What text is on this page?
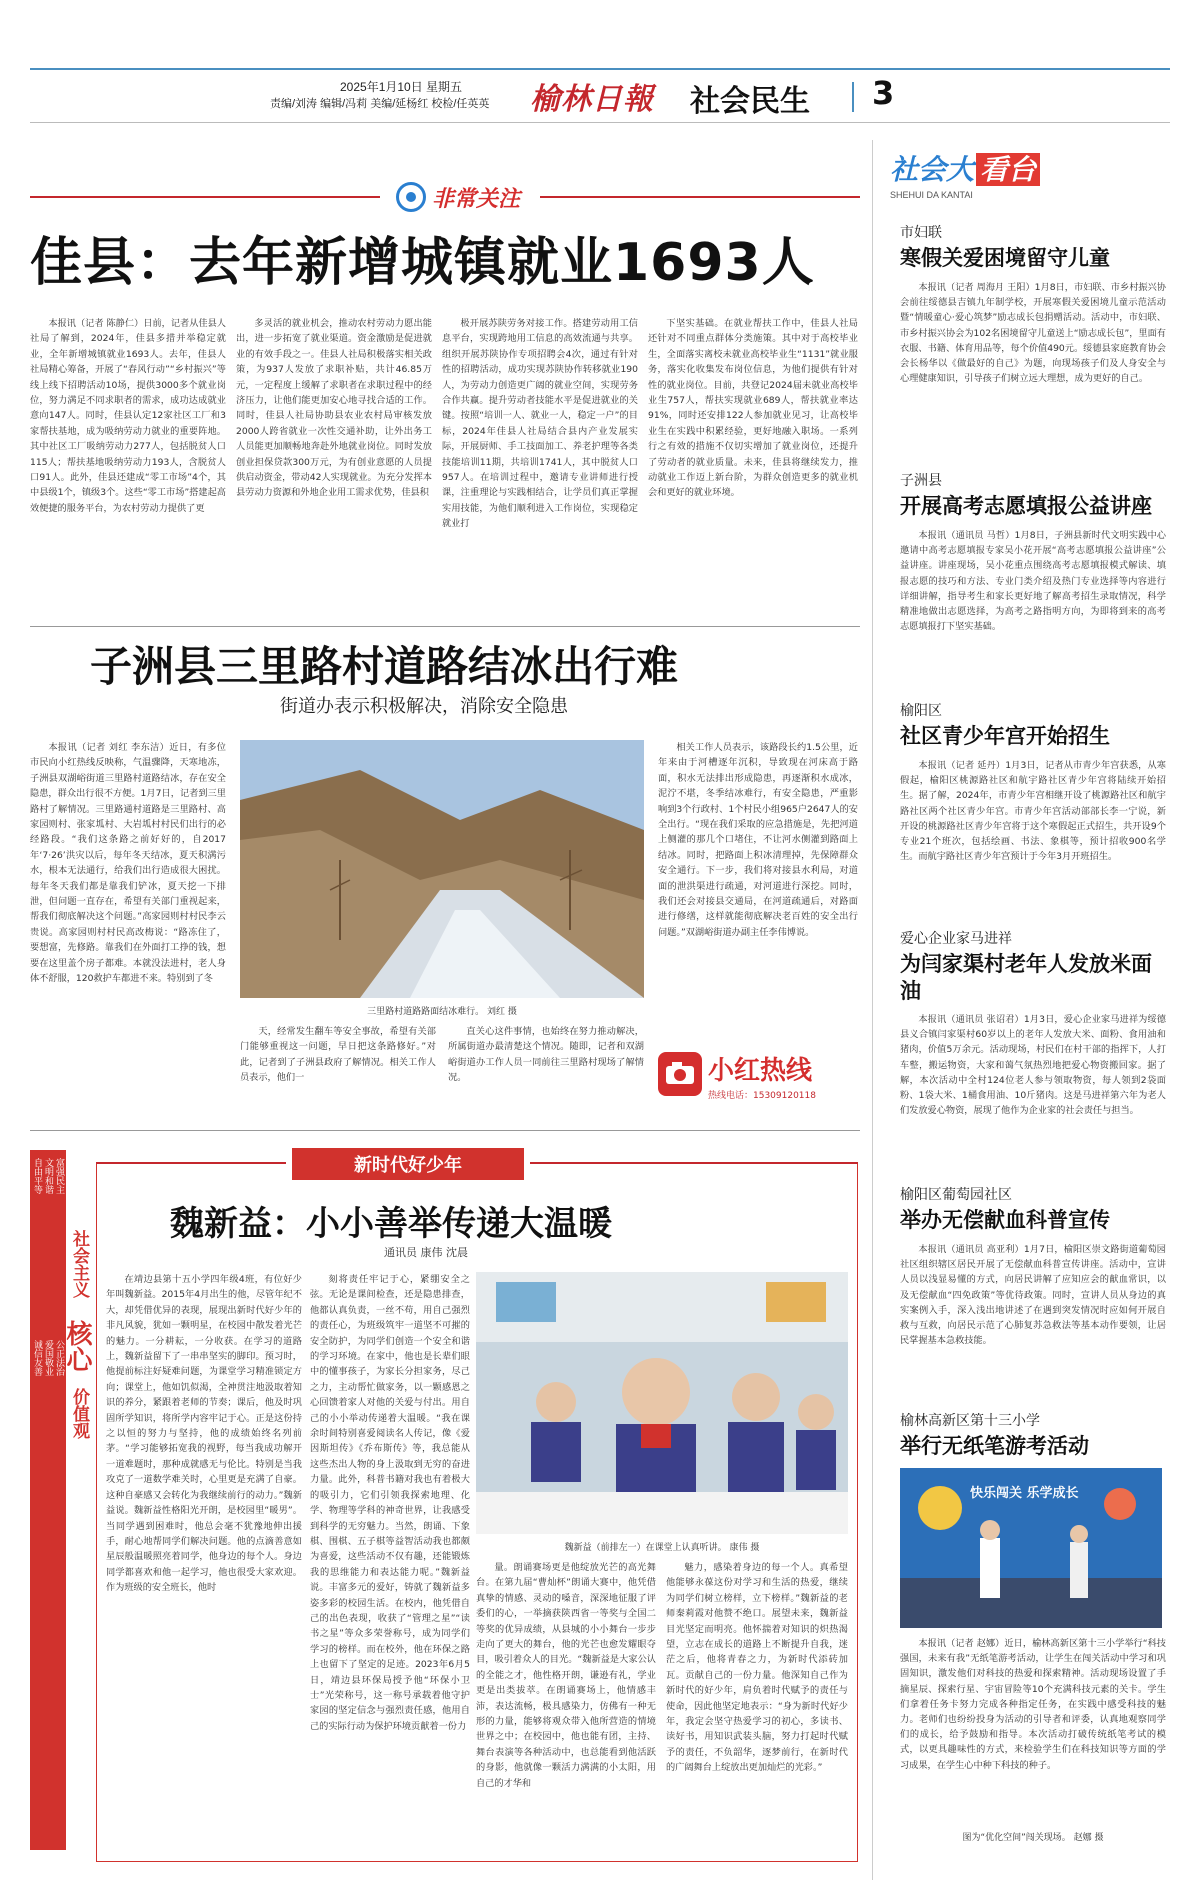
2025年1月10日 星期五
责编/刘涛 编辑/冯莉 美编/延杨红 校检/任英英 榆林日報 社会民生 3
非常关注
佳县：去年新增城镇就业1693人

本报讯（记者 陈静仁）日前，记者从佳县人社局了解到，2024年，佳县多措并举稳定就业，全年新增城镇就业1693人。去年，佳县人社局精心筹备，开展了“春风行动”“乡村振兴”等线上线下招聘活动10场，提供3000多个就业岗位，努力满足不同求职者的需求，成功达成就业意向147人。同时，佳县认定12家社区工厂和3家帮扶基地，成为吸纳劳动力就业的重要阵地。其中社区工厂吸纳劳动力277人，包括脱贫人口115人；帮扶基地吸纳劳动力193人，含脱贫人口91人。此外，佳县还建成“零工市场”4个，其中县级1个，镇级3个。这些“零工市场”搭建起高效便捷的服务平台，为农村劳动力提供了更

多灵活的就业机会，推动农村劳动力愿出能出，进一步拓宽了就业渠道。资金激励是促进就业的有效手段之一。佳县人社局积极落实相关政策，为937人发放了求职补贴，共计46.85万元，一定程度上缓解了求职者在求职过程中的经济压力，让他们能更加安心地寻找合适的工作。同时，佳县人社局协助县农业农村局审核发放2000人跨省就业一次性交通补助，让外出务工人员能更加顺畅地奔赴外地就业岗位。同时发放创业担保贷款300万元，为有创业意愿的人员提供启动资金，带动42人实现就业。为充分发挥本县劳动力资源和外地企业用工需求优势，佳县积

极开展苏陕劳务对接工作。搭建劳动用工信息平台，实现跨地用工信息的高效流通与共享。组织开展苏陕协作专项招聘会4次，通过有针对性的招聘活动，成功实现苏陕协作转移就业190人，为劳动力创造更广阔的就业空间，实现劳务合作共赢。提升劳动者技能水平是促进就业的关键。按照“培训一人、就业一人，稳定一户”的目标，2024年佳县人社局结合县内产业发展实际，开展厨师、手工技面加工、养老护理等各类技能培训11期，共培训1741人，其中脱贫人口957人。在培训过程中，邀请专业讲师进行授课，注重理论与实践相结合，让学员们真正掌握实用技能，为他们顺利进入工作岗位，实现稳定就业打

下坚实基础。在就业帮扶工作中，佳县人社局还针对不同重点群体分类施策。其中对于高校毕业生，全面落实离校未就业高校毕业生“1131”就业服务，落实化收集发布岗位信息，为他们提供有针对性的就业岗位。目前，共登记2024届未就业高校毕业生757人，帮扶实现就业689人，帮扶就业率达91%，同时还安排122人参加就业见习，让高校毕业生在实践中积累经验，更好地融入职场。一系列行之有效的措施不仅切实增加了就业岗位，还提升了劳动者的就业质量。未来，佳县将继续发力，推动就业工作迈上新台阶，为群众创造更多的就业机会和更好的就业环境。

子洲县三里路村道路结冰出行难
街道办表示积极解决，消除安全隐患

本报讯（记者 刘红 李东洁）近日，有多位市民向小红热线反映称，气温骤降，天寒地冻，子洲县双湖峪街道三里路村道路结冰，存在安全隐患，群众出行很不方便。1月7日，记者到三里路村了解情况。三里路通村道路是三里路村、高家园则村、张家坬村、大岩坬村村民们出行的必经路段。“我们这条路之前好好的，自2017年‘7·26’洪灾以后，每年冬天结冰，夏天积满污水，根本无法通行，给我们出行造成很大困扰。每年冬天我们都是靠我们铲冰，夏天挖一下排泄，但问题一直存在，希望有关部门重视起来，帮我们彻底解决这个问题。”高家园则村村民李云贵说。高家园则村村民高改梅说：“路冻住了，要想富，先修路。靠我们在外面打工挣的钱，想要在这里盖个房子都难。本就没法进村，老人身体不舒服，120救护车都进不来。特别到了冬

三里路村道路路面结冰难行。 刘红 摄

天，经常发生翻车等安全事故，希望有关部门能够重视这一问题，早日把这条路修好。”对此，记者到了子洲县政府了解情况。相关工作人员表示，他们一

直关心这件事情，也始终在努力推动解决，所属街道办最清楚这个情况。随即，记者和双湖峪街道办工作人员一同前往三里路村现场了解情况。

相关工作人员表示，该路段长约1.5公里，近年来由于河槽逐年沉积，导致现在河床高于路面，积水无法排出形成隐患，再逐渐积水成冰，泥泞不堪，冬季结冰难行，有安全隐患，严重影响到3个行政村、1个村民小组965户2647人的安全出行。“现在我们采取的应急措施是，先把河道上侧灌的那几个口堵住，不让河水侧灌到路面上结冰。同时，把路面上积冰清理掉，先保障群众安全通行。下一步，我们将对接县水利局，对道面的泄洪渠进行疏通，对河道进行深挖。同时，我们还会对接县交通局，在河道疏通后，对路面进行修缮，这样就能彻底解决老百姓的安全出行问题。”双湖峪街道办副主任李伟博说。

小红热线
热线电话：15309120118
富强民主
文明和谐
自由平等
公正法治
爱国敬业
诚信友善
社会主义
核心
价值观
新时代好少年
魏新益：小小善举传递大温暖
通讯员 康伟 沈晨

在靖边县第十五小学四年级4班，有位好少年叫魏新益。2015年4月出生的他，尽管年纪不大，却凭借优异的表现，展现出新时代好少年的非凡风貌，犹如一颗明星，在校园中散发着光芒的魅力。一分耕耘，一分收获。在学习的道路上，魏新益留下了一串串坚实的脚印。预习时，他提前标注好疑难问题，为课堂学习精准锁定方向；课堂上，他如饥似渴，全神贯注地汲取着知识的养分，紧跟着老师的节奏；课后，他及时巩固所学知识，将所学内容牢记于心。正是这份持之以恒的努力与坚持，他的成绩始终名列前茅。“学习能够拓宽我的视野，每当我成功解开一道难题时，那种成就感无与伦比。特别是当我攻克了一道数学难关时，心里更是充满了自豪。这种自豪感又会转化为我继续前行的动力。”魏新益说。魏新益性格阳光开朗，是校园里“暖男”。当同学遇到困难时，他总会毫不犹豫地伸出援手，耐心地帮同学们解决问题。他的点滴善意如星辰般温暖照亮着同学，他身边的每个人。身边同学都喜欢和他一起学习，他也很受大家欢迎。作为班级的安全班长，他时

刻将责任牢记于心，紧绷安全之弦。无论是课间检查，还是隐患排查，他都认真负责，一丝不苟，用自己强烈的责任心，为班级筑牢一道坚不可摧的安全防护，为同学们创造一个安全和谐的学习环境。在家中，他也是长辈们眼中的懂事孩子，为家长分担家务，尽己之力，主动帮忙做家务，以一颗感恩之心回馈着家人对他的关爱与付出。用自己的小小举动传递着大温暖。“我在课余时间特别喜爱阅读名人传记，像《爱因斯坦传》《乔布斯传》等，我总能从这些杰出人物的身上汲取到无穷的奋进力量。此外，科普书籍对我也有着极大的吸引力，它们引领我探索地理、化学、物理等学科的神奇世界，让我感受到科学的无穷魅力。当然，朗诵、下象棋、围棋、五子棋等益智活动我也都颇为喜爱，这些活动不仅有趣，还能锻炼我的思维能力和表达能力呢。”魏新益说。丰富多元的爱好，铸就了魏新益多姿多彩的校园生活。在校内，他凭借自己的出色表现，收获了“管理之星”“读书之星”等众多荣誉称号，成为同学们学习的榜样。而在校外，他在环保之路上也留下了坚定的足迹。2023年6月5日，靖边县环保局授予他“环保小卫士”光荣称号，这一称号承载着他守护家园的坚定信念与强烈责任感，他用自己的实际行动为保护环境贡献着一份力

魏新益（前排左一）在课堂上认真听讲。 康伟 摄

量。朗诵赛场更是他绽放光芒的高光舞台。在第九届“曹灿杯”朗诵大赛中，他凭借真挚的情感、灵动的嗓音，深深地征服了评委们的心，一举摘获陕西省一等奖与全国二等奖的优异成绩，从县城的小小舞台一步步走向了更大的舞台，他的光芒也愈发耀眼夺目，吸引着众人的目光。“魏新益是大家公认的全能之才，他性格开朗，谦逊有礼，学业更是出类拔萃。在朗诵赛场上，他情感丰沛，表达流畅，极具感染力，仿佛有一种无形的力量，能够将观众带入他所营造的情境世界之中；在校园中，他也能有团，主持、舞台表演等各种活动中，也总能看到他活跃的身影，他就像一颗活力满满的小太阳，用自己的才华和

魅力，感染着身边的每一个人。真希望他能够永葆这份对学习和生活的热爱，继续为同学们树立榜样，立下榜样。”魏新益的老师秦莉霞对他赞不绝口。展望未来，魏新益目光坚定而明亮。他怀揣着对知识的炽热渴望，立志在成长的道路上不断提升自我，迷茫之后，他将青春之力，为新时代添砖加瓦。贡献自己的一份力量。他深知自己作为新时代的好少年，肩负着时代赋予的责任与使命，因此他坚定地表示：“身为新时代好少年，我定会坚守热爱学习的初心，多读书、读好书，用知识武装头脑，努力打起时代赋予的责任，不负韶华，逐梦前行，在新时代的广阔舞台上绽放出更加灿烂的光彩。”

社会大 看台
SHEHUI DA KANTAI
市妇联
寒假关爱困境留守儿童

本报讯（记者 周海月 王阳）1月8日，市妇联、市乡村振兴协会前往绥德县吉镇九年制学校，开展寒假关爱困境儿童示范活动暨“情暖童心·爱心筑梦”励志成长包捐赠活动。活动中，市妇联、市乡村振兴协会为102名困境留守儿童送上“励志成长包”，里面有衣服、书籍、体育用品等，每个价值490元。绥德县家庭教育协会会长杨华以《做最好的自己》为题，向现场孩子们及人身安全与心理健康知识，引导孩子们树立远大理想，成为更好的自己。

子洲县
开展高考志愿填报公益讲座

本报讯（通讯员 马哲）1月8日，子洲县新时代文明实践中心邀请中高考志愿填报专家吴小花开展“高考志愿填报公益讲座”公益讲座。讲座现场，吴小花重点围绕高考志愿填报模式解读、填报志愿的技巧和方法、专业门类介绍及热门专业选择等内容进行详细讲解，指导考生和家长更好地了解高考招生录取情况，科学精准地做出志愿选择，为高考之路指明方向，为即将到来的高考志愿填报打下坚实基础。

榆阳区
社区青少年宫开始招生

本报讯（记者 延丹）1月3日，记者从市青少年宫获悉，从寒假起，榆阳区桃源路社区和航宇路社区青少年宫将陆续开始招生。据了解，2024年，市青少年宫相继开设了桃源路社区和航宇路社区两个社区青少年宫。市青少年宫活动部部长李一宁说，新开设的桃源路社区青少年宫将于这个寒假起正式招生，共开设9个专业21个班次，包括绘画、书法、象棋等，预计招收900名学生。而航宇路社区青少年宫预计于今年3月开班招生。

爱心企业家马进祥
为闫家渠村老年人发放米面油

本报讯（通讯员 张诏君）1月3日，爱心企业家马进祥为绥德县义合镇闫家渠村60岁以上的老年人发放大米、面粉、食用油和猪肉，价值5万余元。活动现场，村民们在村干部的指挥下，人打车整，搬运物资，大家和蔼气氛热烈地把爱心物资搬回家。据了解，本次活动中全村124位老人参与领取物资，每人领到2袋面粉、1袋大米、1桶食用油、10斤猪肉。这是马进祥第六年为老人们发放爱心物资，展现了他作为企业家的社会责任与担当。

榆阳区葡萄园社区
举办无偿献血科普宣传

本报讯（通讯员 高亚利）1月7日，榆阳区崇文路街道葡萄园社区组织辖区居民开展了无偿献血科普宣传讲座。活动中，宣讲人员以浅显易懂的方式，向居民讲解了应知应会的献血常识，以及无偿献血“四免政策”等优待政策。同时，宣讲人员从身边的真实案例入手，深入浅出地讲述了在遇到突发情况时应如何开展自救与互救，向居民示范了心肺复苏急救法等基本动作要领，让居民掌握基本急救技能。

榆林高新区第十三小学
举行无纸笔游考活动
快乐闯关 乐学成长

本报讯（记者 赵娜）近日，榆林高新区第十三小学举行“科技强国，未来有我”无纸笔游考活动，让学生在闯关活动中学习和巩固知识，激发他们对科技的热爱和探索精神。活动现场设置了手摘星辰、探索行星、宇宙冒险等10个充满科技元素的关卡。学生们拿着任务卡努力完成各种指定任务，在实践中感受科技的魅力。老师们也纷纷投身为活动的引导者和评委，认真地观察同学们的成长，给予鼓励和指导。本次活动打破传统纸笔考试的模式，以更具趣味性的方式，来检验学生们在科技知识等方面的学习成果，在学生心中种下科技的种子。

图为“优化空间”闯关现场。 赵娜 摄
